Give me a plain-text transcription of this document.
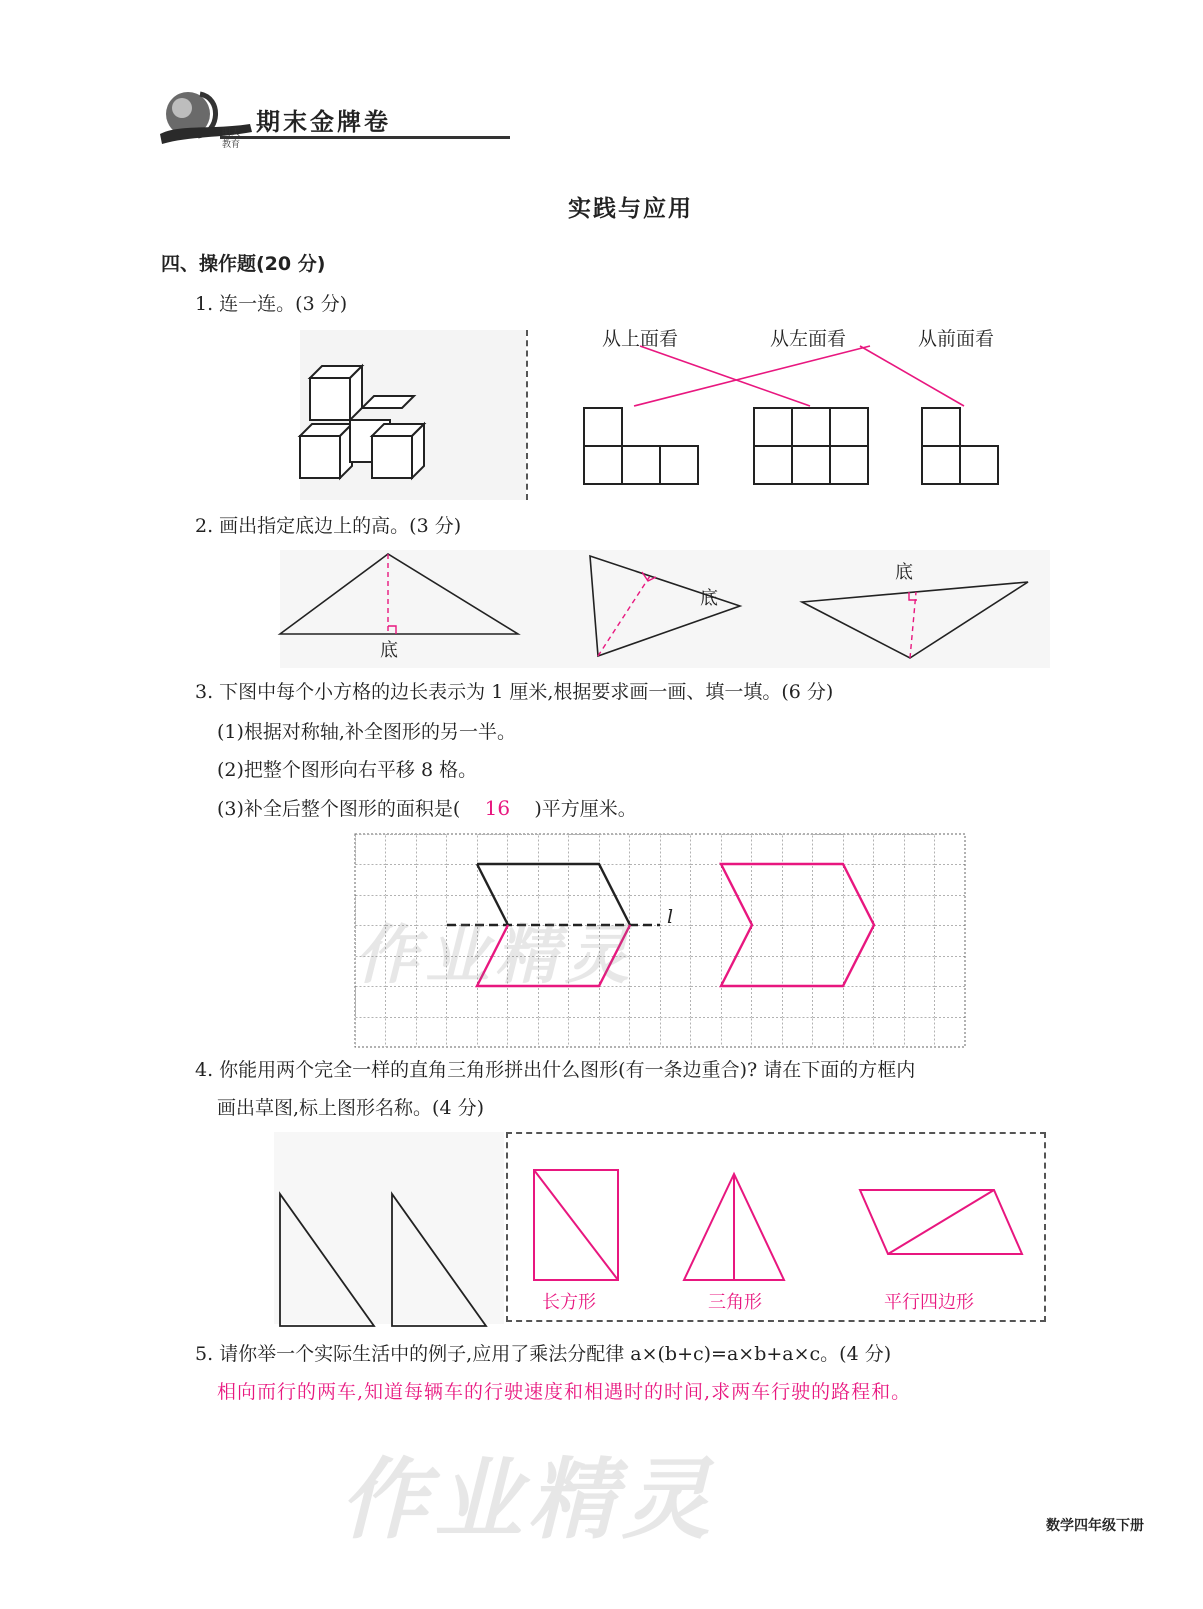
期末金牌卷
明天
教育
实践与应用
四、操作题(20 分)
1. 连一连。(3 分)
从上面看	从左面看	从前面看
2. 画出指定底边上的高。(3 分)
底
底
底
3. 下图中每个小方格的边长表示为 1 厘米,根据要求画一画、填一填。(6 分)
(1)根据对称轴,补全图形的另一半。
(2)把整个图形向右平移 8 格。
(3)补全后整个图形的面积是( 16 )平方厘米。
l
作业精灵
4. 你能用两个完全一样的直角三角形拼出什么图形(有一条边重合)? 请在下面的方框内
画出草图,标上图形名称。(4 分)
长方形	三角形	平行四边形
5. 请你举一个实际生活中的例子,应用了乘法分配律 a×(b+c)=a×b+a×c。(4 分)
相向而行的两车,知道每辆车的行驶速度和相遇时的时间,求两车行驶的路程和。
作业精灵	数学四年级下册
